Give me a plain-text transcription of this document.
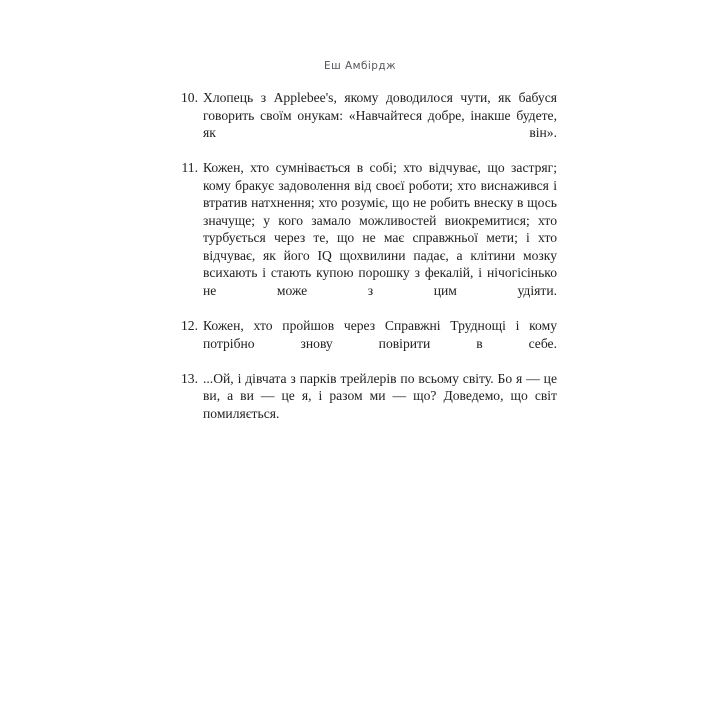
Еш Амбірдж
10. Хлопець з Applebee's, якому доводилося чути, як бабуся говорить своїм онукам: «Навчайтеся добре, інакше будете, як він».
11. Кожен, хто сумнівається в собі; хто відчуває, що застряг; кому бракує задоволення від своєї роботи; хто виснажився і втратив натхнення; хто розуміє, що не робить внеску в щось значуще; у кого замало можливостей виокремитися; хто турбується через те, що не має справжньої мети; і хто відчуває, як його IQ щохвилини падає, а клітини мозку всихають і стають купою порошку з фекалій, і нічогісінько не може з цим удіяти.
12. Кожен, хто пройшов через Справжні Труднощі і кому потрібно знову повірити в себе.
13. ...Ой, і дівчата з парків трейлерів по всьому світу. Бо я — це ви, а ви — це я, і разом ми — що? Доведемо, що світ помиляється.
